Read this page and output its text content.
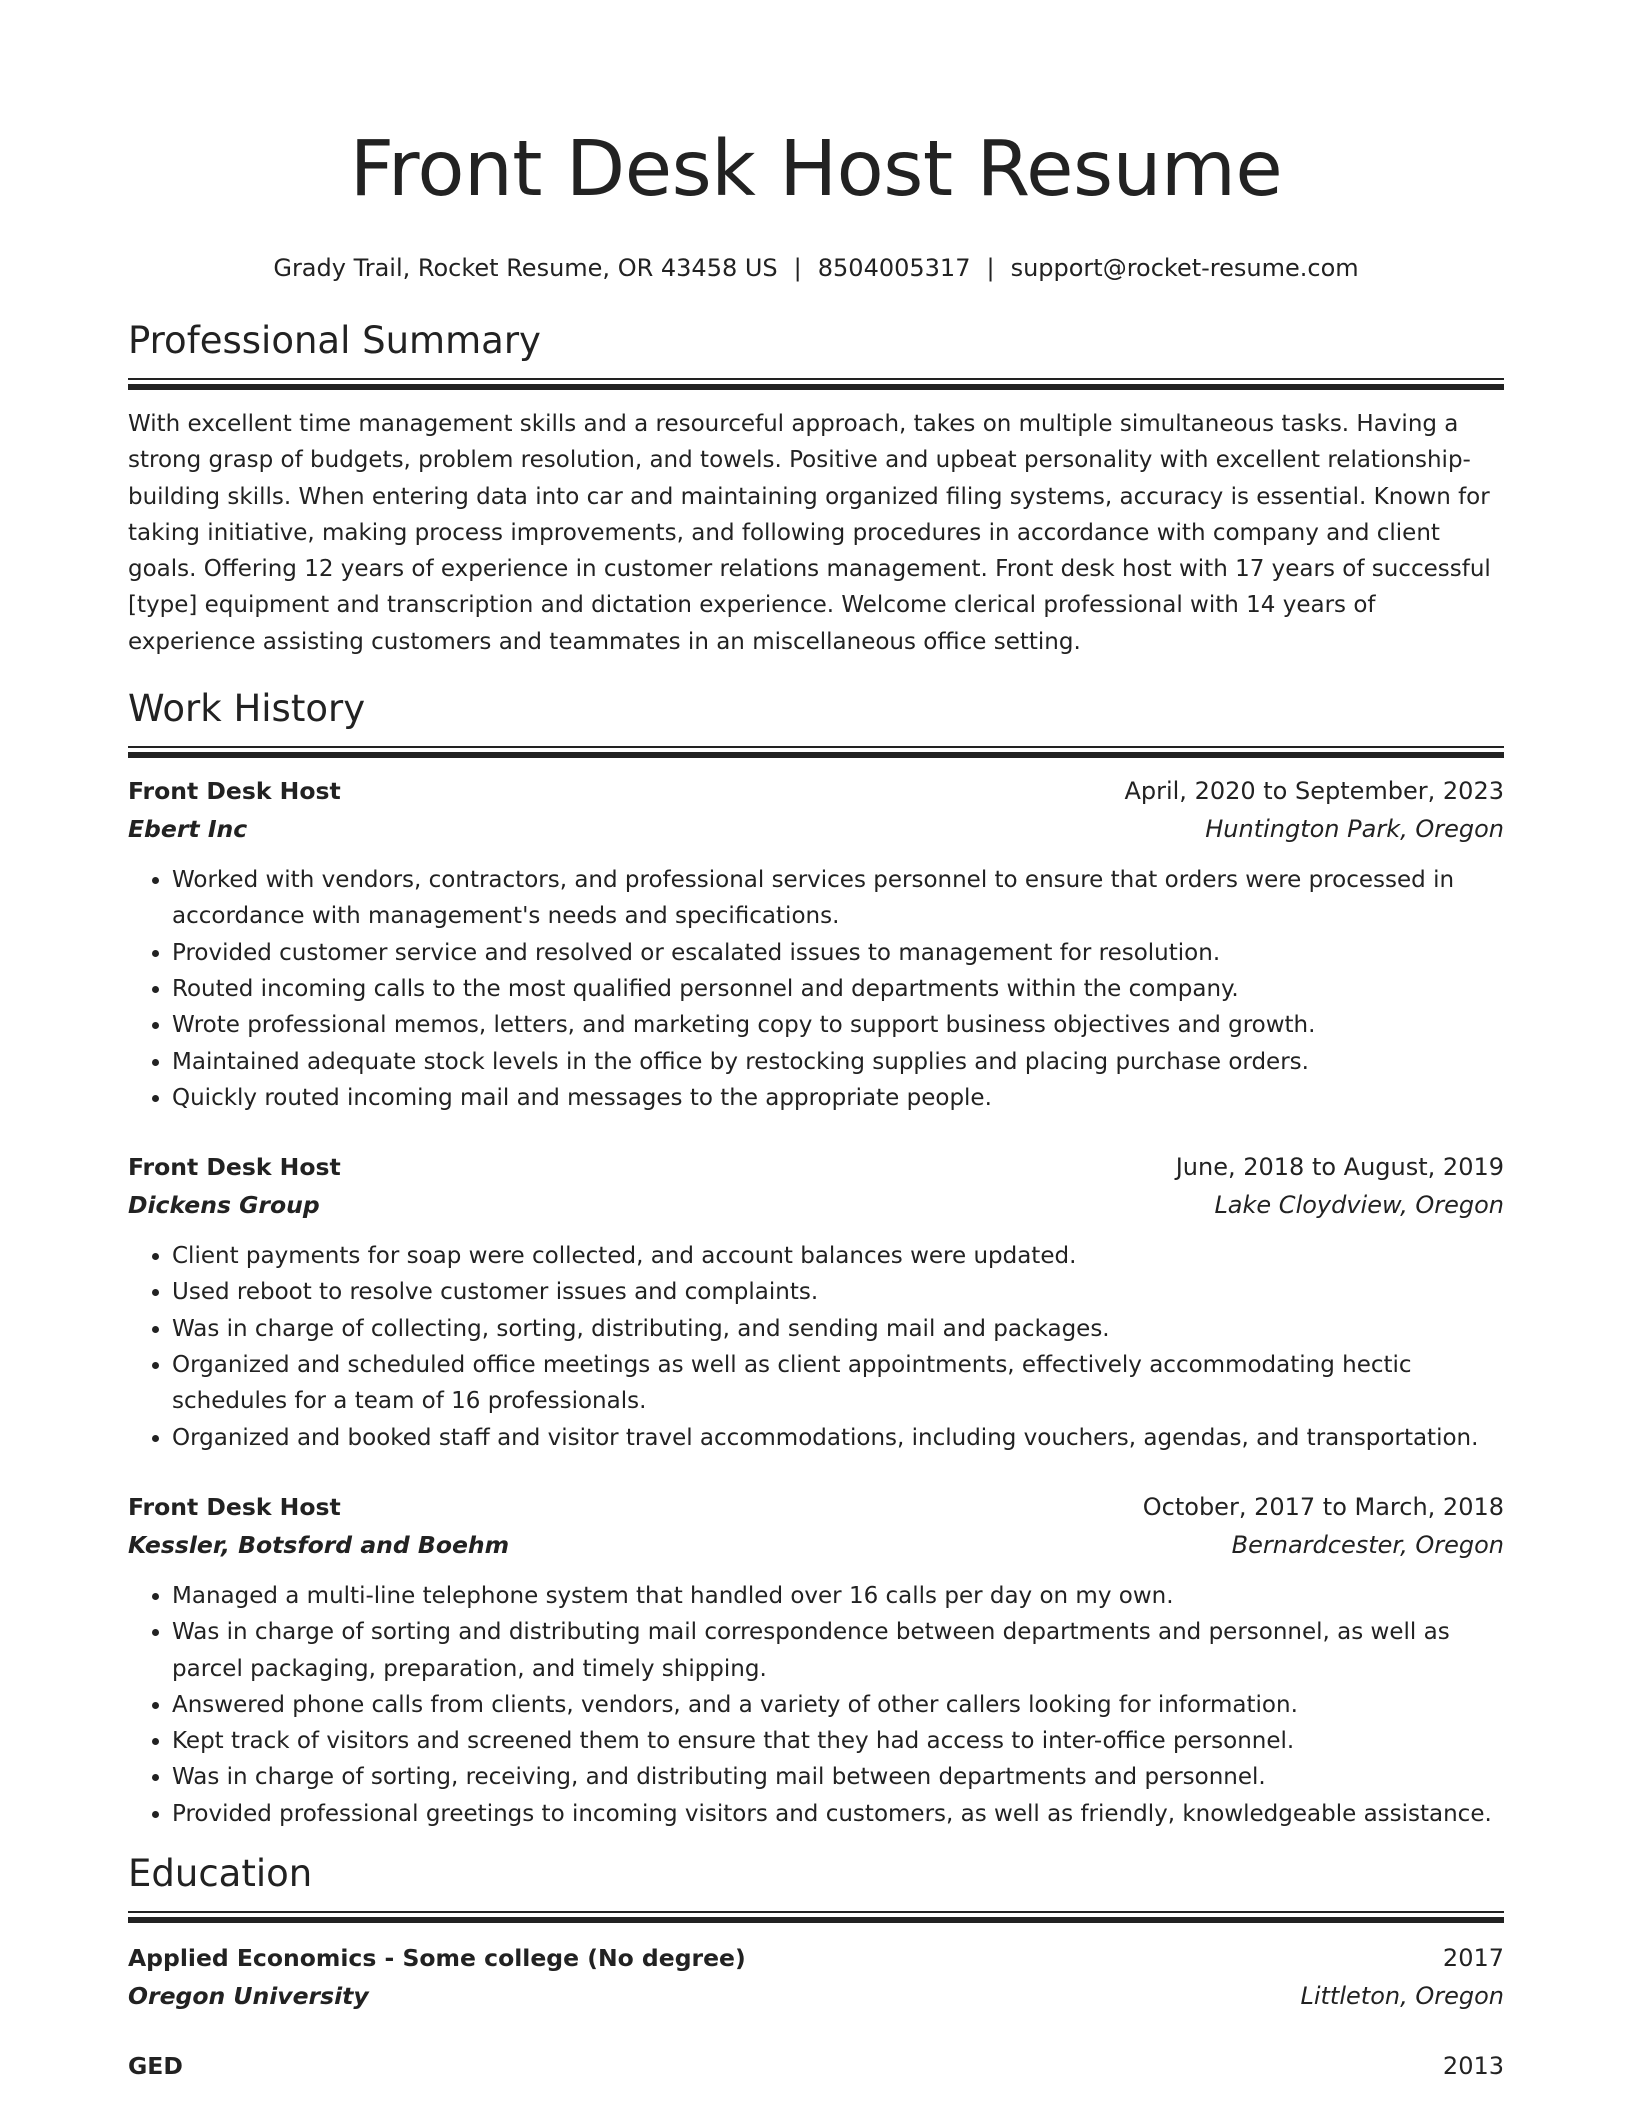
Front Desk Host Resume
Grady Trail, Rocket Resume, OR 43458 US | 8504005317 | support@rocket-resume.com
Professional Summary

With excellent time management skills and a resourceful approach, takes on multiple simultaneous tasks. Having a strong grasp of budgets, problem resolution, and towels. Positive and upbeat personality with excellent relationship-building skills. When entering data into car and maintaining organized filing systems, accuracy is essential. Known for taking initiative, making process improvements, and following procedures in accordance with company and client goals. Offering 12 years of experience in customer relations management. Front desk host with 17 years of successful [type] equipment and transcription and dictation experience. Welcome clerical professional with 14 years of experience assisting customers and teammates in an miscellaneous office setting.

Work History
Front Desk Host	April, 2020 to September, 2023
Ebert Inc	Huntington Park, Oregon
• Worked with vendors, contractors, and professional services personnel to ensure that orders were processed in accordance with management's needs and specifications.
• Provided customer service and resolved or escalated issues to management for resolution.
• Routed incoming calls to the most qualified personnel and departments within the company.
• Wrote professional memos, letters, and marketing copy to support business objectives and growth.
• Maintained adequate stock levels in the office by restocking supplies and placing purchase orders.
• Quickly routed incoming mail and messages to the appropriate people.
Front Desk Host	June, 2018 to August, 2019
Dickens Group	Lake Cloydview, Oregon
• Client payments for soap were collected, and account balances were updated.
• Used reboot to resolve customer issues and complaints.
• Was in charge of collecting, sorting, distributing, and sending mail and packages.
• Organized and scheduled office meetings as well as client appointments, effectively accommodating hectic schedules for a team of 16 professionals.
• Organized and booked staff and visitor travel accommodations, including vouchers, agendas, and transportation.
Front Desk Host	October, 2017 to March, 2018
Kessler, Botsford and Boehm	Bernardcester, Oregon
• Managed a multi-line telephone system that handled over 16 calls per day on my own.
• Was in charge of sorting and distributing mail correspondence between departments and personnel, as well as parcel packaging, preparation, and timely shipping.
• Answered phone calls from clients, vendors, and a variety of other callers looking for information.
• Kept track of visitors and screened them to ensure that they had access to inter-office personnel.
• Was in charge of sorting, receiving, and distributing mail between departments and personnel.
• Provided professional greetings to incoming visitors and customers, as well as friendly, knowledgeable assistance.
Education
Applied Economics - Some college (No degree)	2017
Oregon University	Littleton, Oregon
GED	2013
